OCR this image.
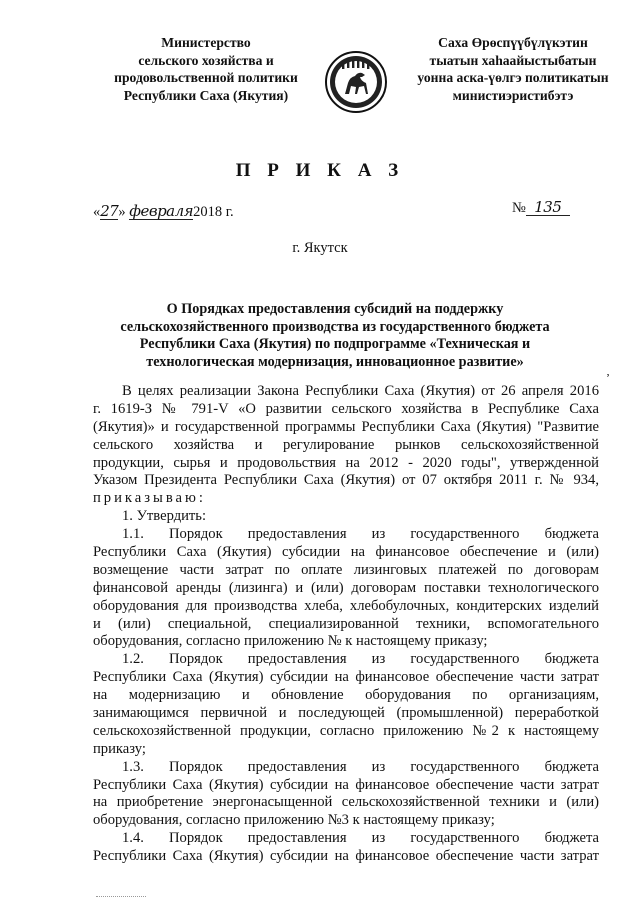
Министерство
сельского хозяйства и
продовольственной политики
Республики Саха (Якутия)
Саха Өрөспүүбүлүкэтин
тыатын хаһаайыстыбатын
уонна аска-үөлгэ политикатын
министиэристибэтэ
П Р И К А З
«27» февраля2018 г.	№ 135
г. Якутск
О Порядках предоставления субсидий на поддержку
сельскохозяйственного производства из государственного бюджета
Республики Саха (Якутия) по подпрограмме «Техническая и
технологическая модернизация, инновационное развитие»
‚
В целях реализации Закона Республики Саха (Якутия) от 26 апреля 2016
г. 1619-З № 791-V «О развитии сельского хозяйства в Республике Саха
(Якутия)» и государственной программы Республики Саха (Якутия) "Развитие
сельского хозяйства и регулирование рынков сельскохозяйственной
продукции, сырья и продовольствия на 2012 - 2020 годы", утвержденной
Указом Президента Республики Саха (Якутия) от 07 октября 2011 г. № 934,
приказываю:
1. Утвердить:
1.1. Порядок предоставления из государственного бюджета
Республики Саха (Якутия) субсидии на финансовое обеспечение и (или)
возмещение части затрат по оплате лизинговых платежей по договорам
финансовой аренды (лизинга) и (или) договорам поставки технологического
оборудования для производства хлеба, хлебобулочных, кондитерских изделий
и (или) специальной, специализированной техники, вспомогательного
оборудования, согласно приложению № к настоящему приказу;
1.2. Порядок предоставления из государственного бюджета
Республики Саха (Якутия) субсидии на финансовое обеспечение части затрат
на модернизацию и обновление оборудования по организациям,
занимающимся первичной и последующей (промышленной) переработкой
сельскохозяйственной продукции, согласно приложению №2 к настоящему
приказу;
1.3. Порядок предоставления из государственного бюджета
Республики Саха (Якутия) субсидии на финансовое обеспечение части затрат
на приобретение энергонасыщенной сельскохозяйственной техники и (или)
оборудования, согласно приложению №3 к настоящему приказу;
1.4. Порядок предоставления из государственного бюджета
Республики Саха (Якутия) субсидии на финансовое обеспечение части затрат
